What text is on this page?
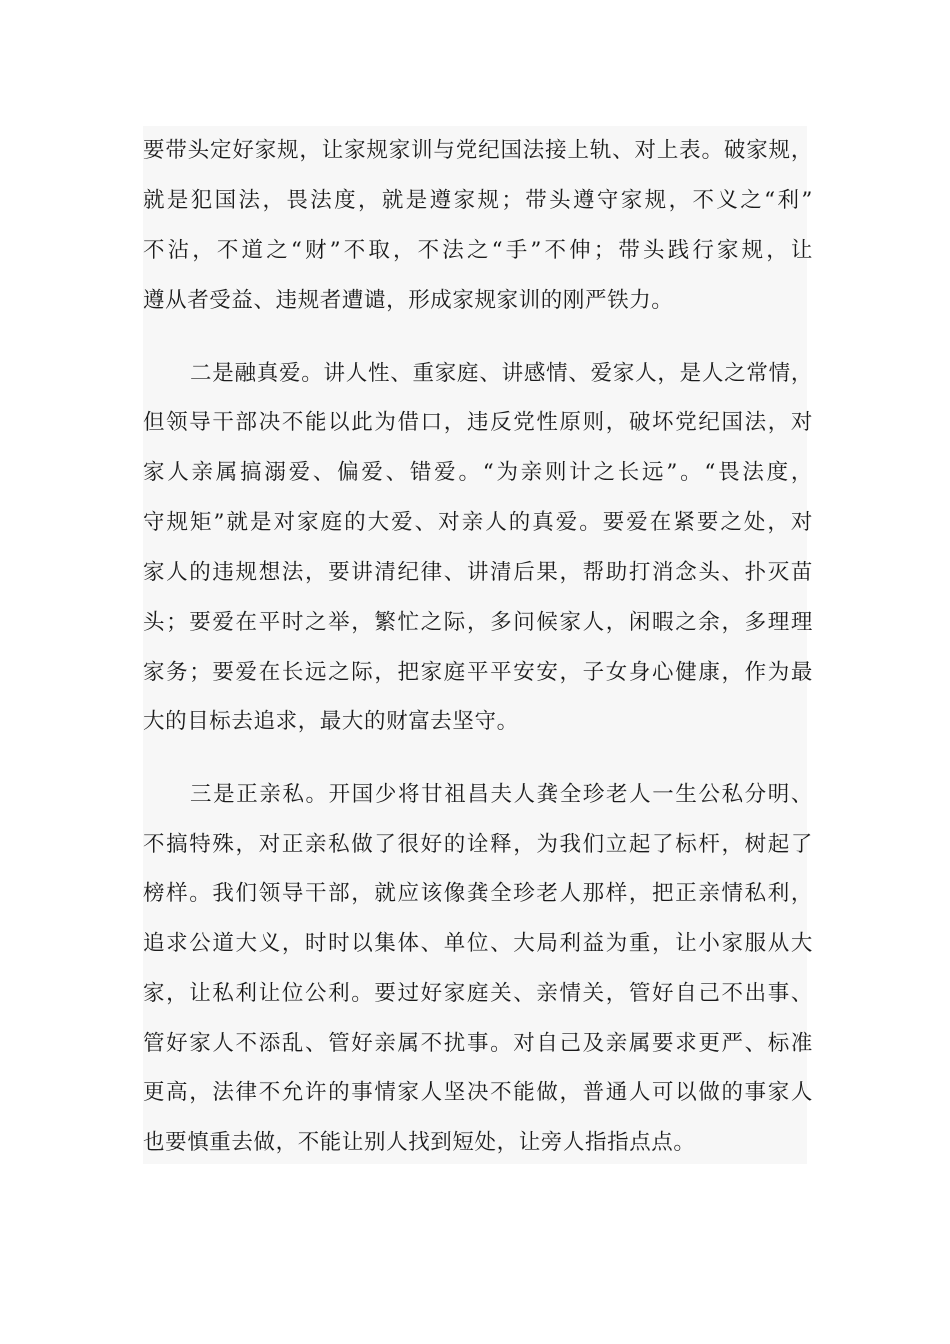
要带头定好家规，让家规家训与党纪国法接上轨、对上表。破家规，
就是犯国法，畏法度，就是遵家规；带头遵守家规，不义之“利”
不沾，不道之“财”不取，不法之“手”不伸；带头践行家规，让
遵从者受益、违规者遭谴，形成家规家训的刚严铁力。
二是融真爱。讲人性、重家庭、讲感情、爱家人，是人之常情，
但领导干部决不能以此为借口，违反党性原则，破坏党纪国法，对
家人亲属搞溺爱、偏爱、错爱。“为亲则计之长远”。“畏法度，
守规矩”就是对家庭的大爱、对亲人的真爱。要爱在紧要之处，对
家人的违规想法，要讲清纪律、讲清后果，帮助打消念头、扑灭苗
头；要爱在平时之举，繁忙之际，多问候家人，闲暇之余，多理理
家务；要爱在长远之际，把家庭平平安安，子女身心健康，作为最
大的目标去追求，最大的财富去坚守。
三是正亲私。开国少将甘祖昌夫人龚全珍老人一生公私分明、
不搞特殊，对正亲私做了很好的诠释，为我们立起了标杆，树起了
榜样。我们领导干部，就应该像龚全珍老人那样，把正亲情私利，
追求公道大义，时时以集体、单位、大局利益为重，让小家服从大
家，让私利让位公利。要过好家庭关、亲情关，管好自己不出事、
管好家人不添乱、管好亲属不扰事。对自己及亲属要求更严、标准
更高，法律不允许的事情家人坚决不能做，普通人可以做的事家人
也要慎重去做，不能让别人找到短处，让旁人指指点点。
